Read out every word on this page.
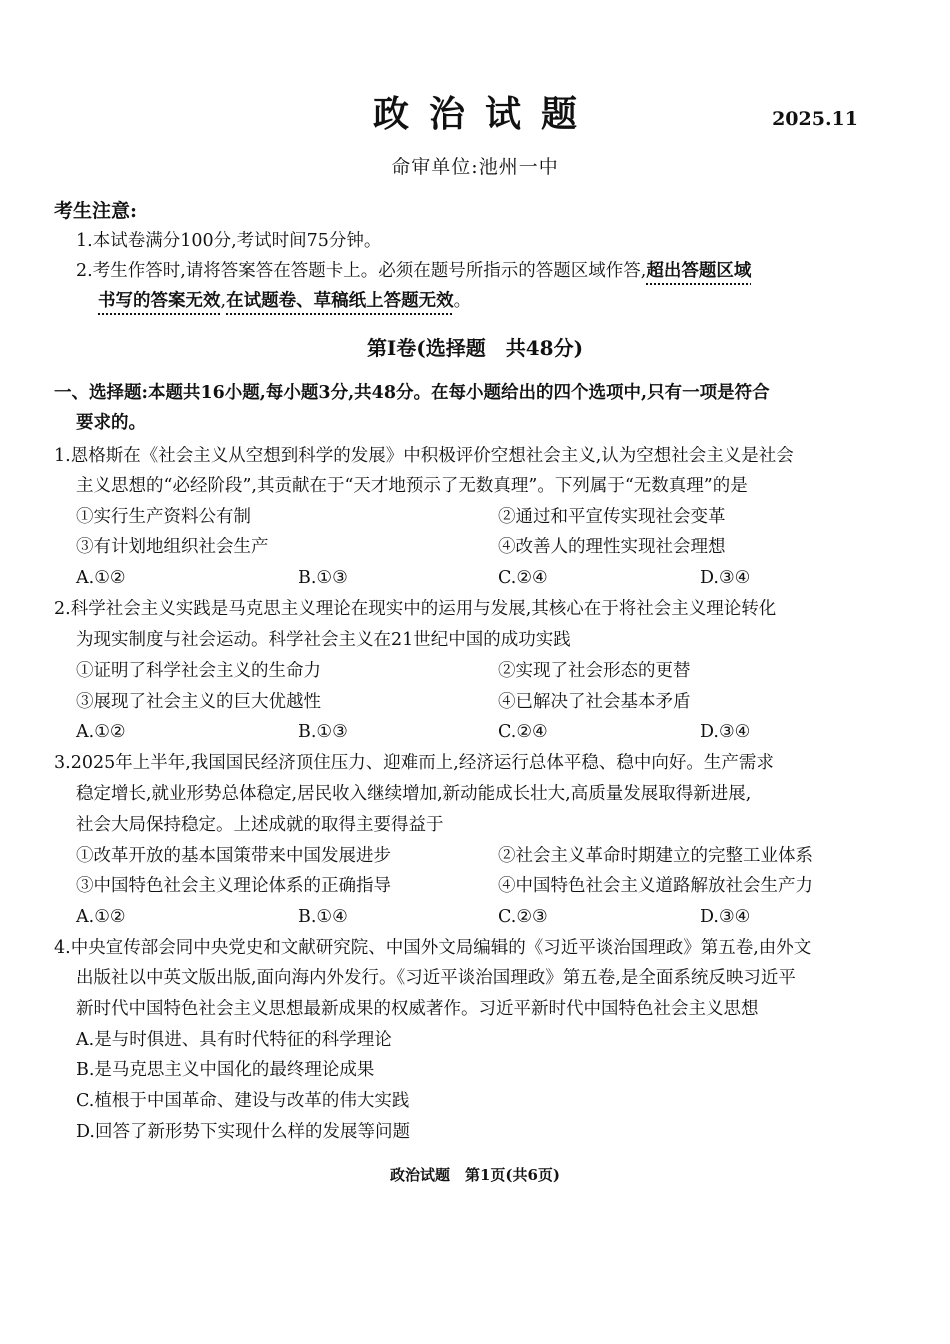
政治试题	2025.11
命审单位:池州一中
考生注意:
1.本试卷满分100分,考试时间75分钟。
2.考生作答时,请将答案答在答题卡上。必须在题号所指示的答题区域作答,超出答题区域
书写的答案无效,在试题卷、草稿纸上答题无效。
第Ⅰ卷(选择题　共48分)
一、选择题:本题共16小题,每小题3分,共48分。在每小题给出的四个选项中,只有一项是符合
要求的。
1.恩格斯在《社会主义从空想到科学的发展》中积极评价空想社会主义,认为空想社会主义是社会
主义思想的“必经阶段”,其贡献在于“天才地预示了无数真理”。下列属于“无数真理”的是
①实行生产资料公有制	②通过和平宣传实现社会变革
③有计划地组织社会生产	④改善人的理性实现社会理想
A.①②	B.①③	C.②④	D.③④
2.科学社会主义实践是马克思主义理论在现实中的运用与发展,其核心在于将社会主义理论转化
为现实制度与社会运动。科学社会主义在21世纪中国的成功实践
①证明了科学社会主义的生命力	②实现了社会形态的更替
③展现了社会主义的巨大优越性	④已解决了社会基本矛盾
A.①②	B.①③	C.②④	D.③④
3.2025年上半年,我国国民经济顶住压力、迎难而上,经济运行总体平稳、稳中向好。生产需求
稳定增长,就业形势总体稳定,居民收入继续增加,新动能成长壮大,高质量发展取得新进展,
社会大局保持稳定。上述成就的取得主要得益于
①改革开放的基本国策带来中国发展进步	②社会主义革命时期建立的完整工业体系
③中国特色社会主义理论体系的正确指导	④中国特色社会主义道路解放社会生产力
A.①②	B.①④	C.②③	D.③④
4.中央宣传部会同中央党史和文献研究院、中国外文局编辑的《习近平谈治国理政》第五卷,由外文
出版社以中英文版出版,面向海内外发行。《习近平谈治国理政》第五卷,是全面系统反映习近平
新时代中国特色社会主义思想最新成果的权威著作。习近平新时代中国特色社会主义思想
A.是与时俱进、具有时代特征的科学理论
B.是马克思主义中国化的最终理论成果
C.植根于中国革命、建设与改革的伟大实践
D.回答了新形势下实现什么样的发展等问题
政治试题　第1页(共6页)
